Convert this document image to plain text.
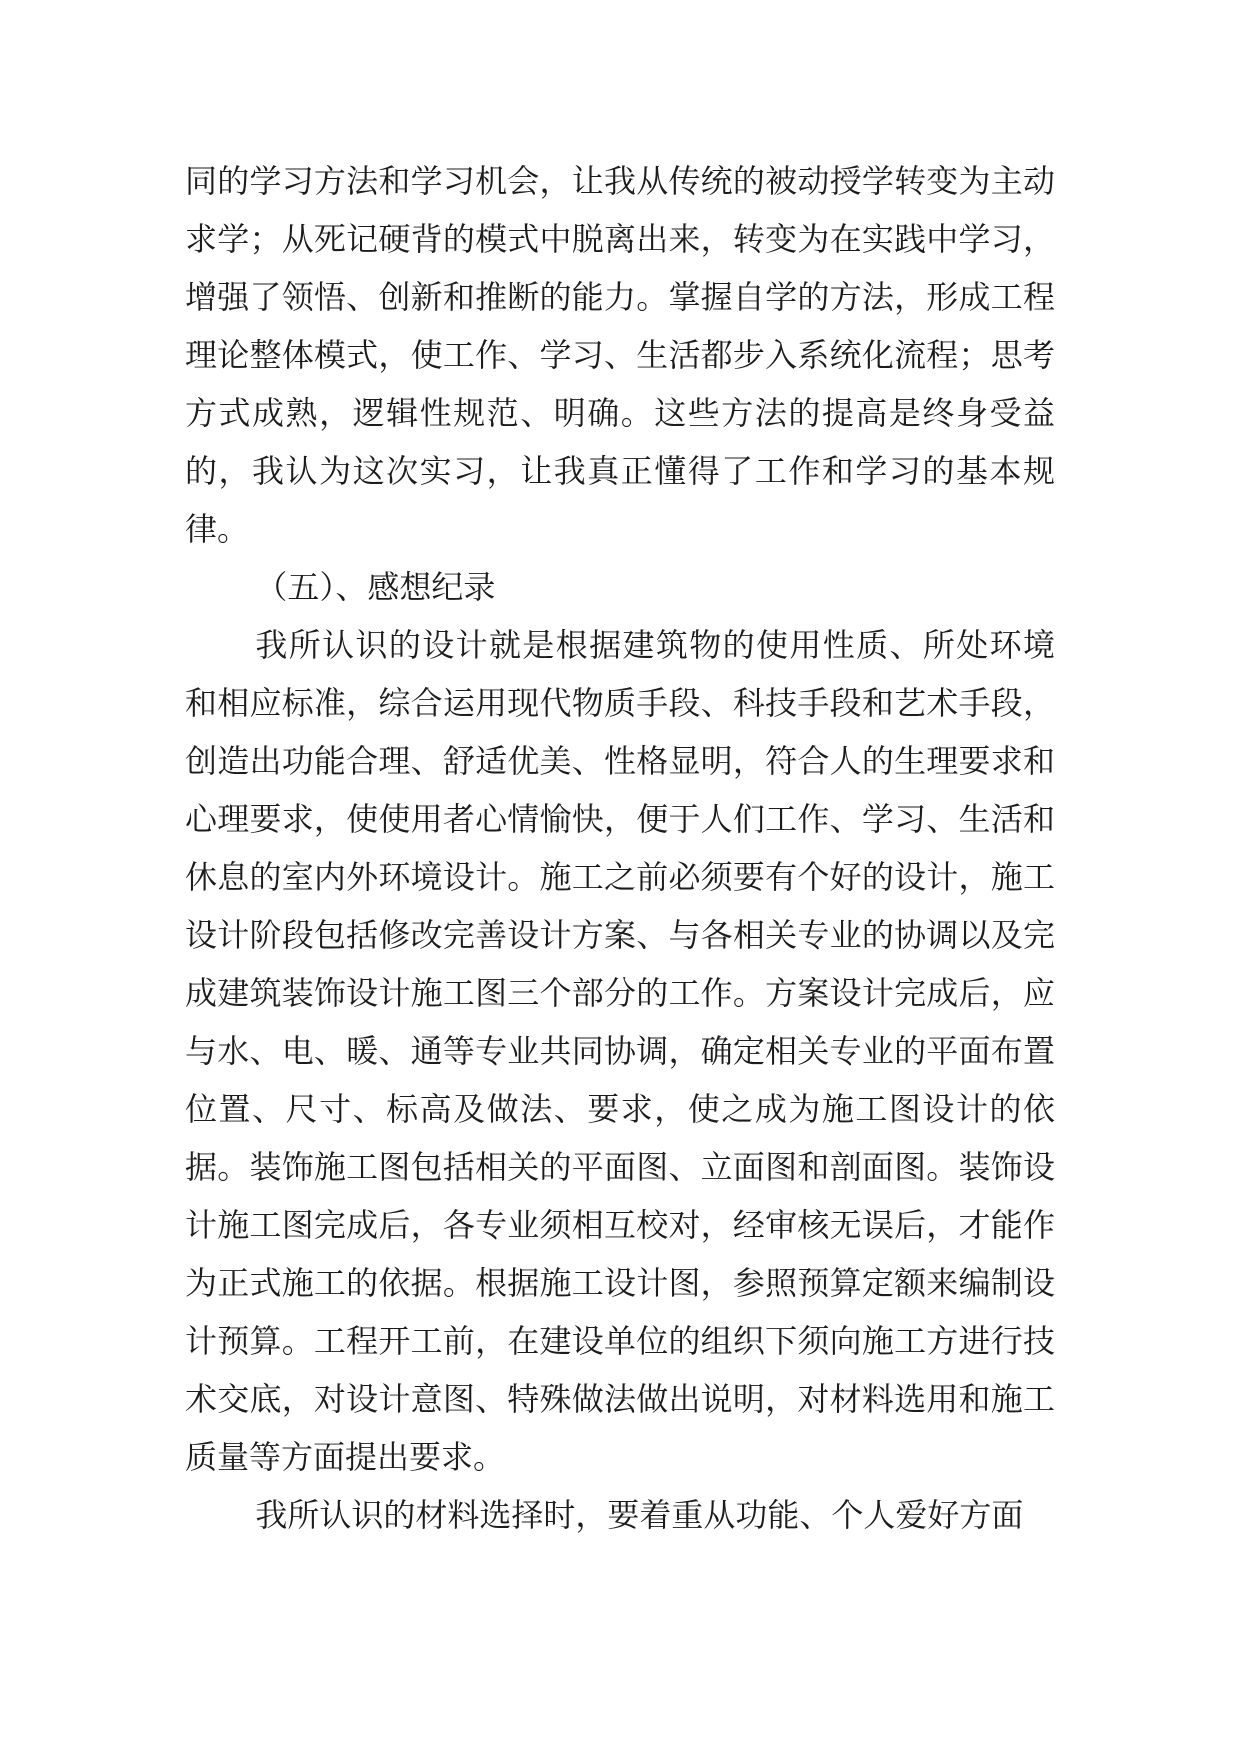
同的学习方法和学习机会，让我从传统的被动授学转变为主动求学；从死记硬背的模式中脱离出来，转变为在实践中学习，增强了领悟、创新和推断的能力。掌握自学的方法，形成工程理论整体模式，使工作、学习、生活都步入系统化流程；思考方式成熟，逻辑性规范、明确。这些方法的提高是终身受益的，我认为这次实习，让我真正懂得了工作和学习的基本规律。

（五）、感想纪录

我所认识的设计就是根据建筑物的使用性质、所处环境和相应标准，综合运用现代物质手段、科技手段和艺术手段，创造出功能合理、舒适优美、性格显明，符合人的生理要求和心理要求，使使用者心情愉快，便于人们工作、学习、生活和休息的室内外环境设计。施工之前必须要有个好的设计，施工设计阶段包括修改完善设计方案、与各相关专业的协调以及完成建筑装饰设计施工图三个部分的工作。方案设计完成后，应与水、电、暖、通等专业共同协调，确定相关专业的平面布置位置、尺寸、标高及做法、要求，使之成为施工图设计的依据。装饰施工图包括相关的平面图、立面图和剖面图。装饰设计施工图完成后，各专业须相互校对，经审核无误后，才能作为正式施工的依据。根据施工设计图，参照预算定额来编制设计预算。工程开工前，在建设单位的组织下须向施工方进行技术交底，对设计意图、特殊做法做出说明，对材料选用和施工质量等方面提出要求。

我所认识的材料选择时，要着重从功能、个人爱好方面
